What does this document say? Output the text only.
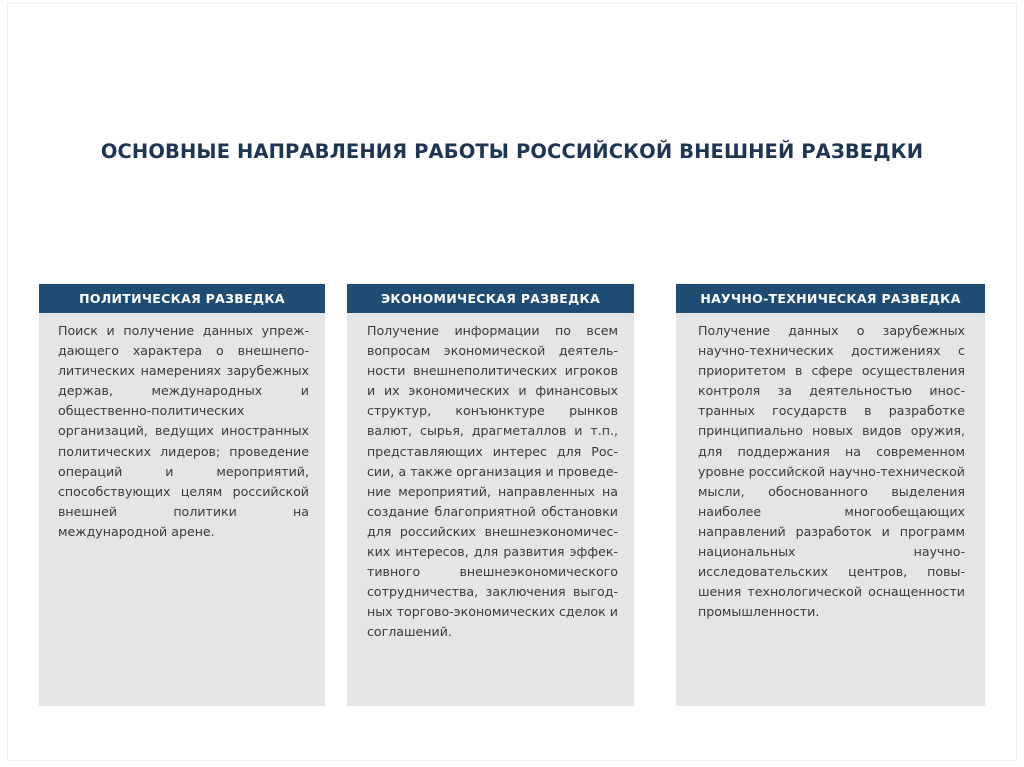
ОСНОВНЫЕ НАПРАВЛЕНИЯ РАБОТЫ РОССИЙСКОЙ ВНЕШНЕЙ РАЗВЕДКИ
ПОЛИТИЧЕСКАЯ РАЗВЕДКА
Поиск и получение данных упреждающего характера о внешнеполитических намерениях зарубежных держав, международных и общественно-политических организаций, ведущих иностранных политических лидеров; проведение операций и мероприятий, способствующих целям российской внешней политики на международной арене.
ЭКОНОМИЧЕСКАЯ РАЗВЕДКА
Получение информации по всем вопросам экономической деятельности внешнеполитических игроков и их экономических и финансовых структур, конъюнктуре рынков валют, сырья, драгметаллов и т.п., представляющих интерес для России, а также организация и проведение мероприятий, направленных на создание благоприятной обстановки для российских внешнеэкономических интересов, для развития эффективного внешнеэкономического сотрудничества, заключения выгодных торгово-экономических сделок и соглашений.
НАУЧНО-ТЕХНИЧЕСКАЯ РАЗВЕДКА
Получение данных о зарубежных научно-технических достижениях с приоритетом в сфере осуществления контроля за деятельностью иностранных государств в разработке принципиально новых видов оружия, для поддержания на современном уровне российской научно-технической мысли, обоснованного выделения наиболее многообещающих направлений разработок и программ национальных научно-исследовательских центров, повышения технологической оснащенности промышленности.
